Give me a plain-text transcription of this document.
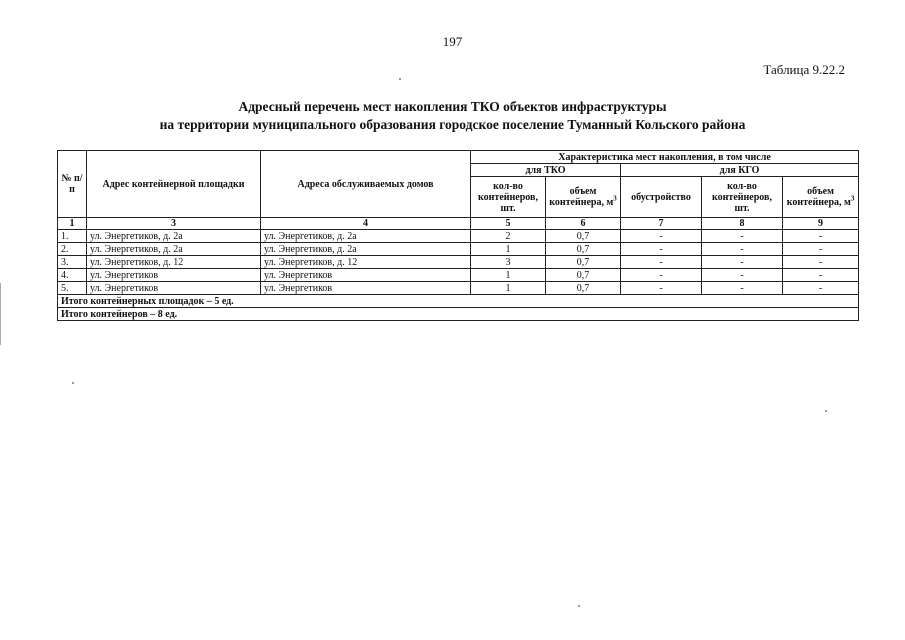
197
Таблица 9.22.2
Адресный перечень мест накопления ТКО объектов инфраструктуры
на территории муниципального образования городское поселение Туманный Кольского района
№ п/п	Адрес контейнерной площадки	Адреса обслуживаемых домов	Характеристика мест накопления, в том числе				
			для ТКО		для КГО		
			кол-во контейнеров, шт.	объем контейнера, $м^3$	обустройство	кол-во контейнеров, шт.	объем контейнера, $м^3$
1	3	4	5	6	7	8	9
1.	ул. Энергетиков, д. 2а	ул. Энергетиков, д. 2а	2	0,7	-	-	-
2.	ул. Энергетиков, д. 2а	ул. Энергетиков, д. 2а	1	0,7	-	-	-
3.	ул. Энергетиков, д. 12	ул. Энергетиков, д. 12	3	0,7	-	-	-
4.	ул. Энергетиков	ул. Энергетиков	1	0,7	-	-	-
5.	ул. Энергетиков	ул. Энергетиков	1	0,7	-	-	-
Итого контейнерных площадок – 5 ед.							
Итого контейнеров – 8 ед.							
